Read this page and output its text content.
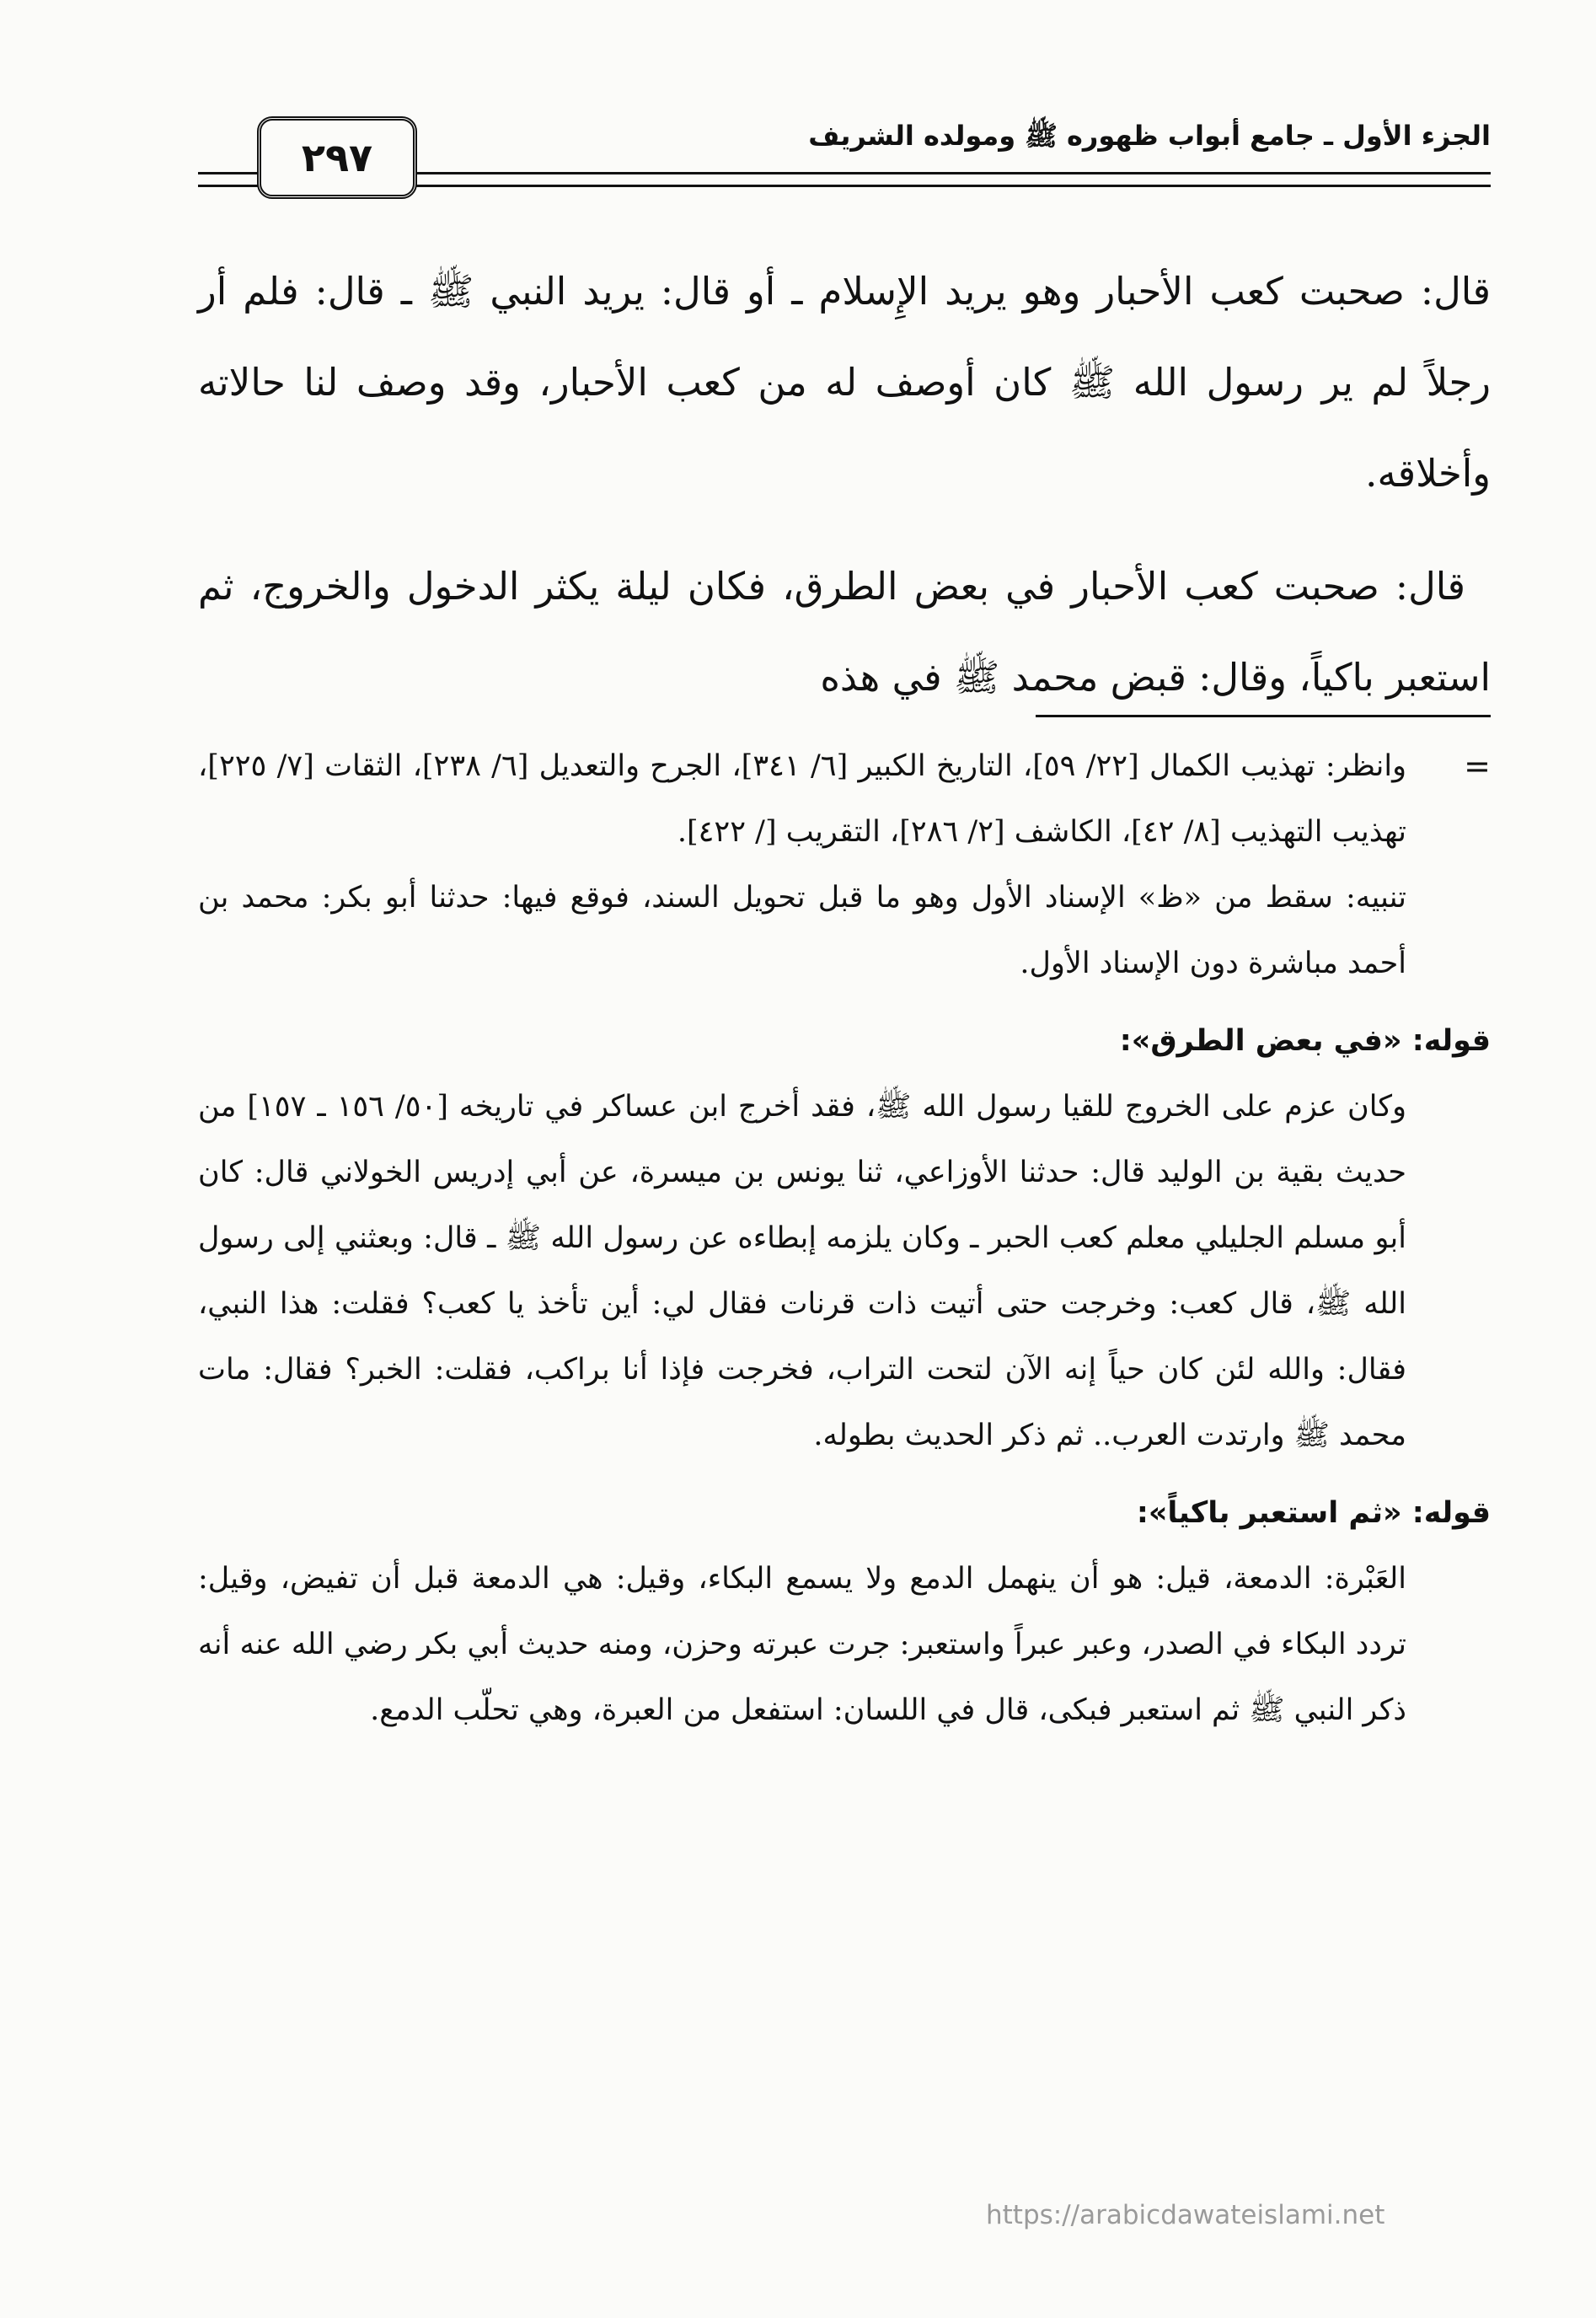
٢٩٧	الجزء الأول ـ جامع أبواب ظهوره ﷺ ومولده الشريف

قال: صحبت كعب الأحبار وهو يريد الإِسلام ـ أو قال: يريد النبي ﷺ ـ قال: فلم أر رجلاً لم ير رسول الله ﷺ كان أوصف له من كعب الأحبار، وقد وصف لنا حالاته وأخلاقه.

قال: صحبت كعب الأحبار في بعض الطرق، فكان ليلة يكثر الدخول والخروج، ثم استعبر باكياً، وقال: قبض محمد ﷺ في هذه

=

وانظر: تهذيب الكمال [٢٢/ ٥٩]، التاريخ الكبير [٦/ ٣٤١]، الجرح والتعديل [٦/ ٢٣٨]، الثقات [٧/ ٢٢٥]، تهذيب التهذيب [٨/ ٤٢]، الكاشف [٢/ ٢٨٦]، التقريب [/ ٤٢٢].

تنبيه: سقط من «ظ» الإسناد الأول وهو ما قبل تحويل السند، فوقع فيها: حدثنا أبو بكر: محمد بن أحمد مباشرة دون الإسناد الأول.

قوله: «في بعض الطرق»:

وكان عزم على الخروج للقيا رسول الله ﷺ، فقد أخرج ابن عساكر في تاريخه [٥٠/ ١٥٦ ـ ١٥٧] من حديث بقية بن الوليد قال: حدثنا الأوزاعي، ثنا يونس بن ميسرة، عن أبي إدريس الخولاني قال: كان أبو مسلم الجليلي معلم كعب الحبر ـ وكان يلزمه إبطاءه عن رسول الله ﷺ ـ قال: وبعثني إلى رسول الله ﷺ، قال كعب: وخرجت حتى أتيت ذات قرنات فقال لي: أين تأخذ يا كعب؟ فقلت: هذا النبي، فقال: والله لئن كان حياً إنه الآن لتحت التراب، فخرجت فإذا أنا براكب، فقلت: الخبر؟ فقال: مات محمد ﷺ وارتدت العرب.. ثم ذكر الحديث بطوله.

قوله: «ثم استعبر باكياً»:

العَبْرة: الدمعة، قيل: هو أن ينهمل الدمع ولا يسمع البكاء، وقيل: هي الدمعة قبل أن تفيض، وقيل: تردد البكاء في الصدر، وعبر عبراً واستعبر: جرت عبرته وحزن، ومنه حديث أبي بكر رضي الله عنه أنه ذكر النبي ﷺ ثم استعبر فبكى، قال في اللسان: استفعل من العبرة، وهي تحلّب الدمع.

https://arabicdawateislami.net
